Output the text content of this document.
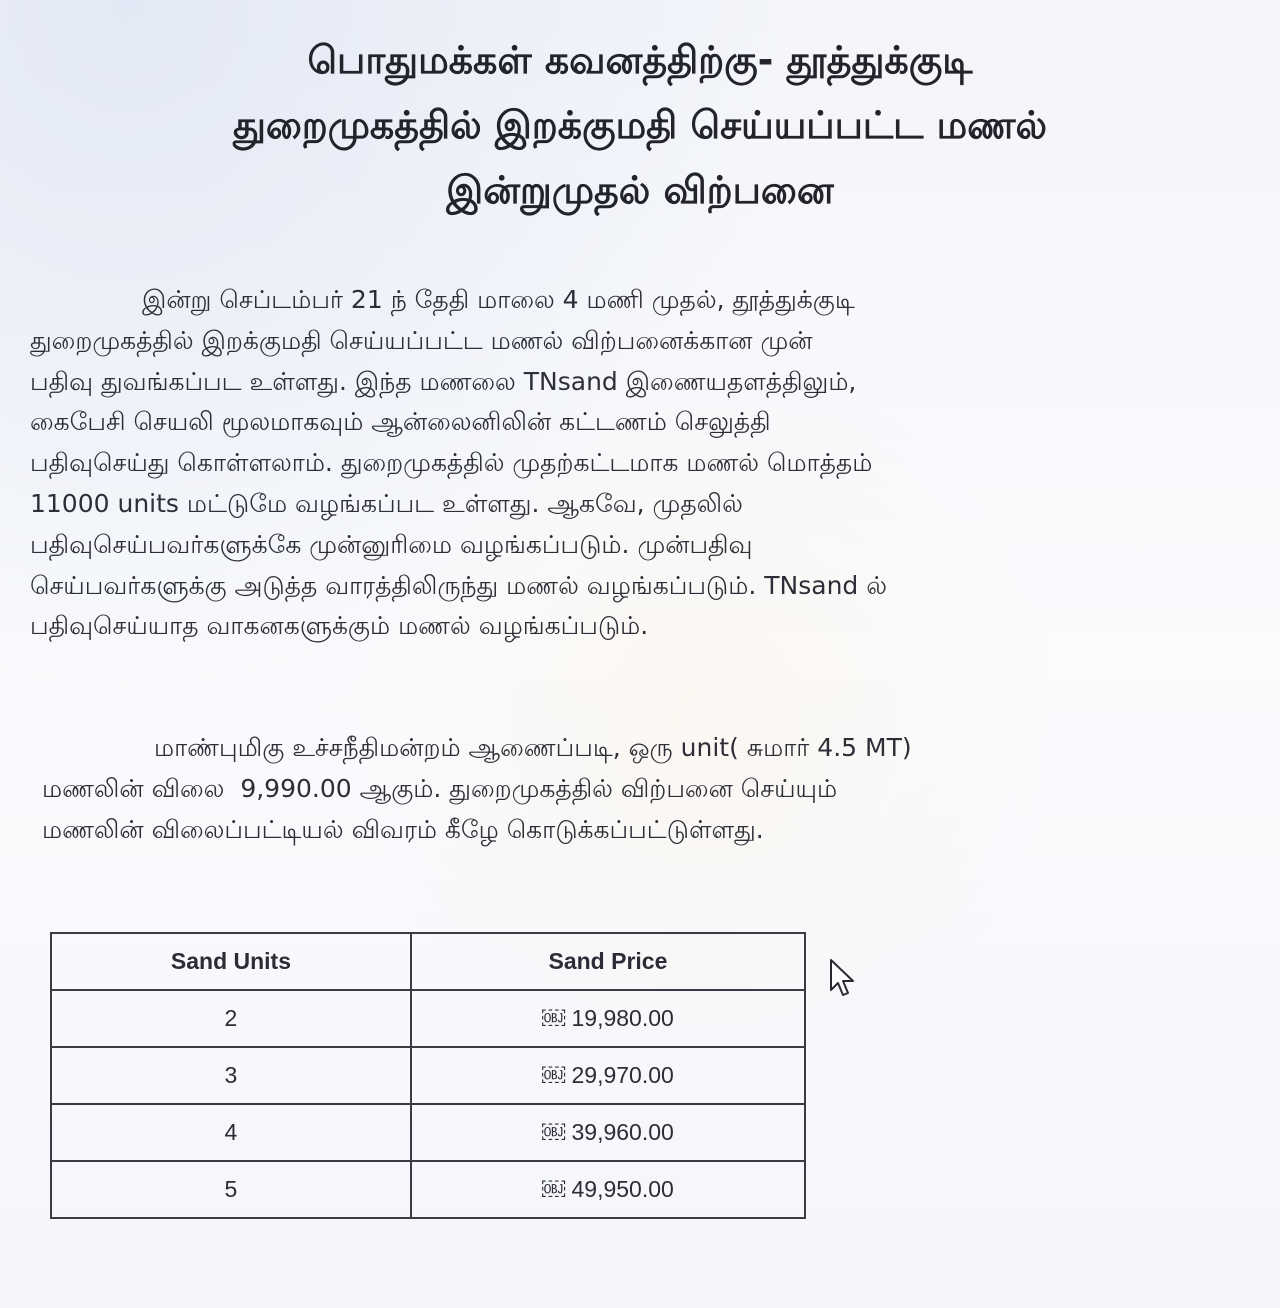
பொதுமக்கள் கவனத்திற்கு- தூத்துக்குடி
துறைமுகத்தில் இறக்குமதி செய்யப்பட்ட மணல்
இன்றுமுதல் விற்பனை

இன்று செப்டம்பர் 21 ந் தேதி மாலை 4 மணி முதல், தூத்துக்குடி
துறைமுகத்தில் இறக்குமதி செய்யப்பட்ட மணல் விற்பனைக்கான முன்
பதிவு துவங்கப்பட உள்ளது. இந்த மணலை TNsand இணையதளத்திலும்,
கைபேசி செயலி மூலமாகவும் ஆன்லைனிலின் கட்டணம் செலுத்தி
பதிவுசெய்து கொள்ளலாம். துறைமுகத்தில் முதற்கட்டமாக மணல் மொத்தம்
11000 units மட்டுமே வழங்கப்பட உள்ளது. ஆகவே, முதலில்
பதிவுசெய்பவர்களுக்கே முன்னுரிமை வழங்கப்படும். முன்பதிவு
செய்பவர்களுக்கு அடுத்த வாரத்திலிருந்து மணல் வழங்கப்படும். TNsand ல்
பதிவுசெய்யாத வாகனகளுக்கும் மணல் வழங்கப்படும்.

மாண்புமிகு உச்சநீதிமன்றம் ஆணைப்படி, ஒரு unit( சுமார் 4.5 MT)
மணலின் விலை ￼ 9,990.00 ஆகும். துறைமுகத்தில் விற்பனை செய்யும்
மணலின் விலைப்பட்டியல் விவரம் கீழே கொடுக்கப்பட்டுள்ளது.

Sand Units	Sand Price
2	￼ 19,980.00
3	￼ 29,970.00
4	￼ 39,960.00
5	￼ 49,950.00
